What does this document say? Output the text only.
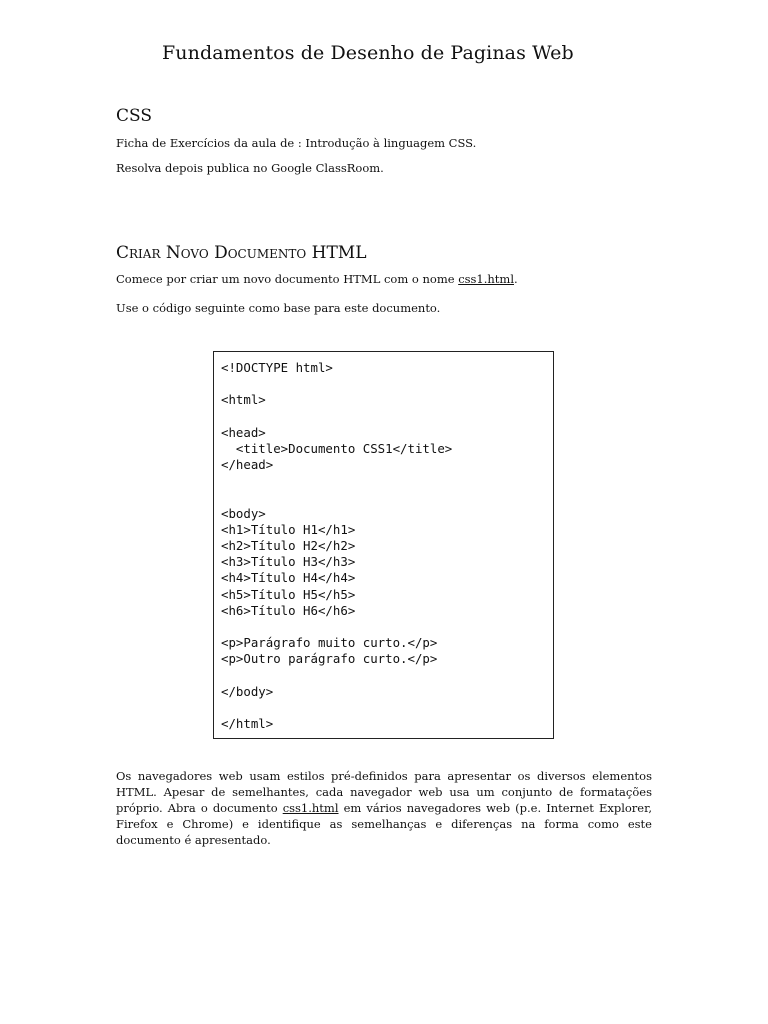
Fundamentos de Desenho de Paginas Web
CSS
Ficha de Exercícios da aula de : Introdução à linguagem CSS.
Resolva depois publica no Google ClassRoom.
Criar Novo Documento HTML
Comece por criar um novo documento HTML com o nome css1.html.
Use o código seguinte como base para este documento.
<!DOCTYPE html>
<html>
<head>
<title>Documento CSS1</title>
</head>
<body>
<h1>Título H1</h1>
<h2>Título H2</h2>
<h3>Título H3</h3>
<h4>Título H4</h4>
<h5>Título H5</h5>
<h6>Título H6</h6>
<p>Parágrafo muito curto.</p>
<p>Outro parágrafo curto.</p>
</body>
</html>
Os navegadores web usam estilos pré-definidos para apresentar os diversos elementos HTML. Apesar de semelhantes, cada navegador web usa um conjunto de formatações próprio. Abra o documento css1.html em vários navegadores web (p.e. Internet Explorer, Firefox e Chrome) e identifique as semelhanças e diferenças na forma como este documento é apresentado.
